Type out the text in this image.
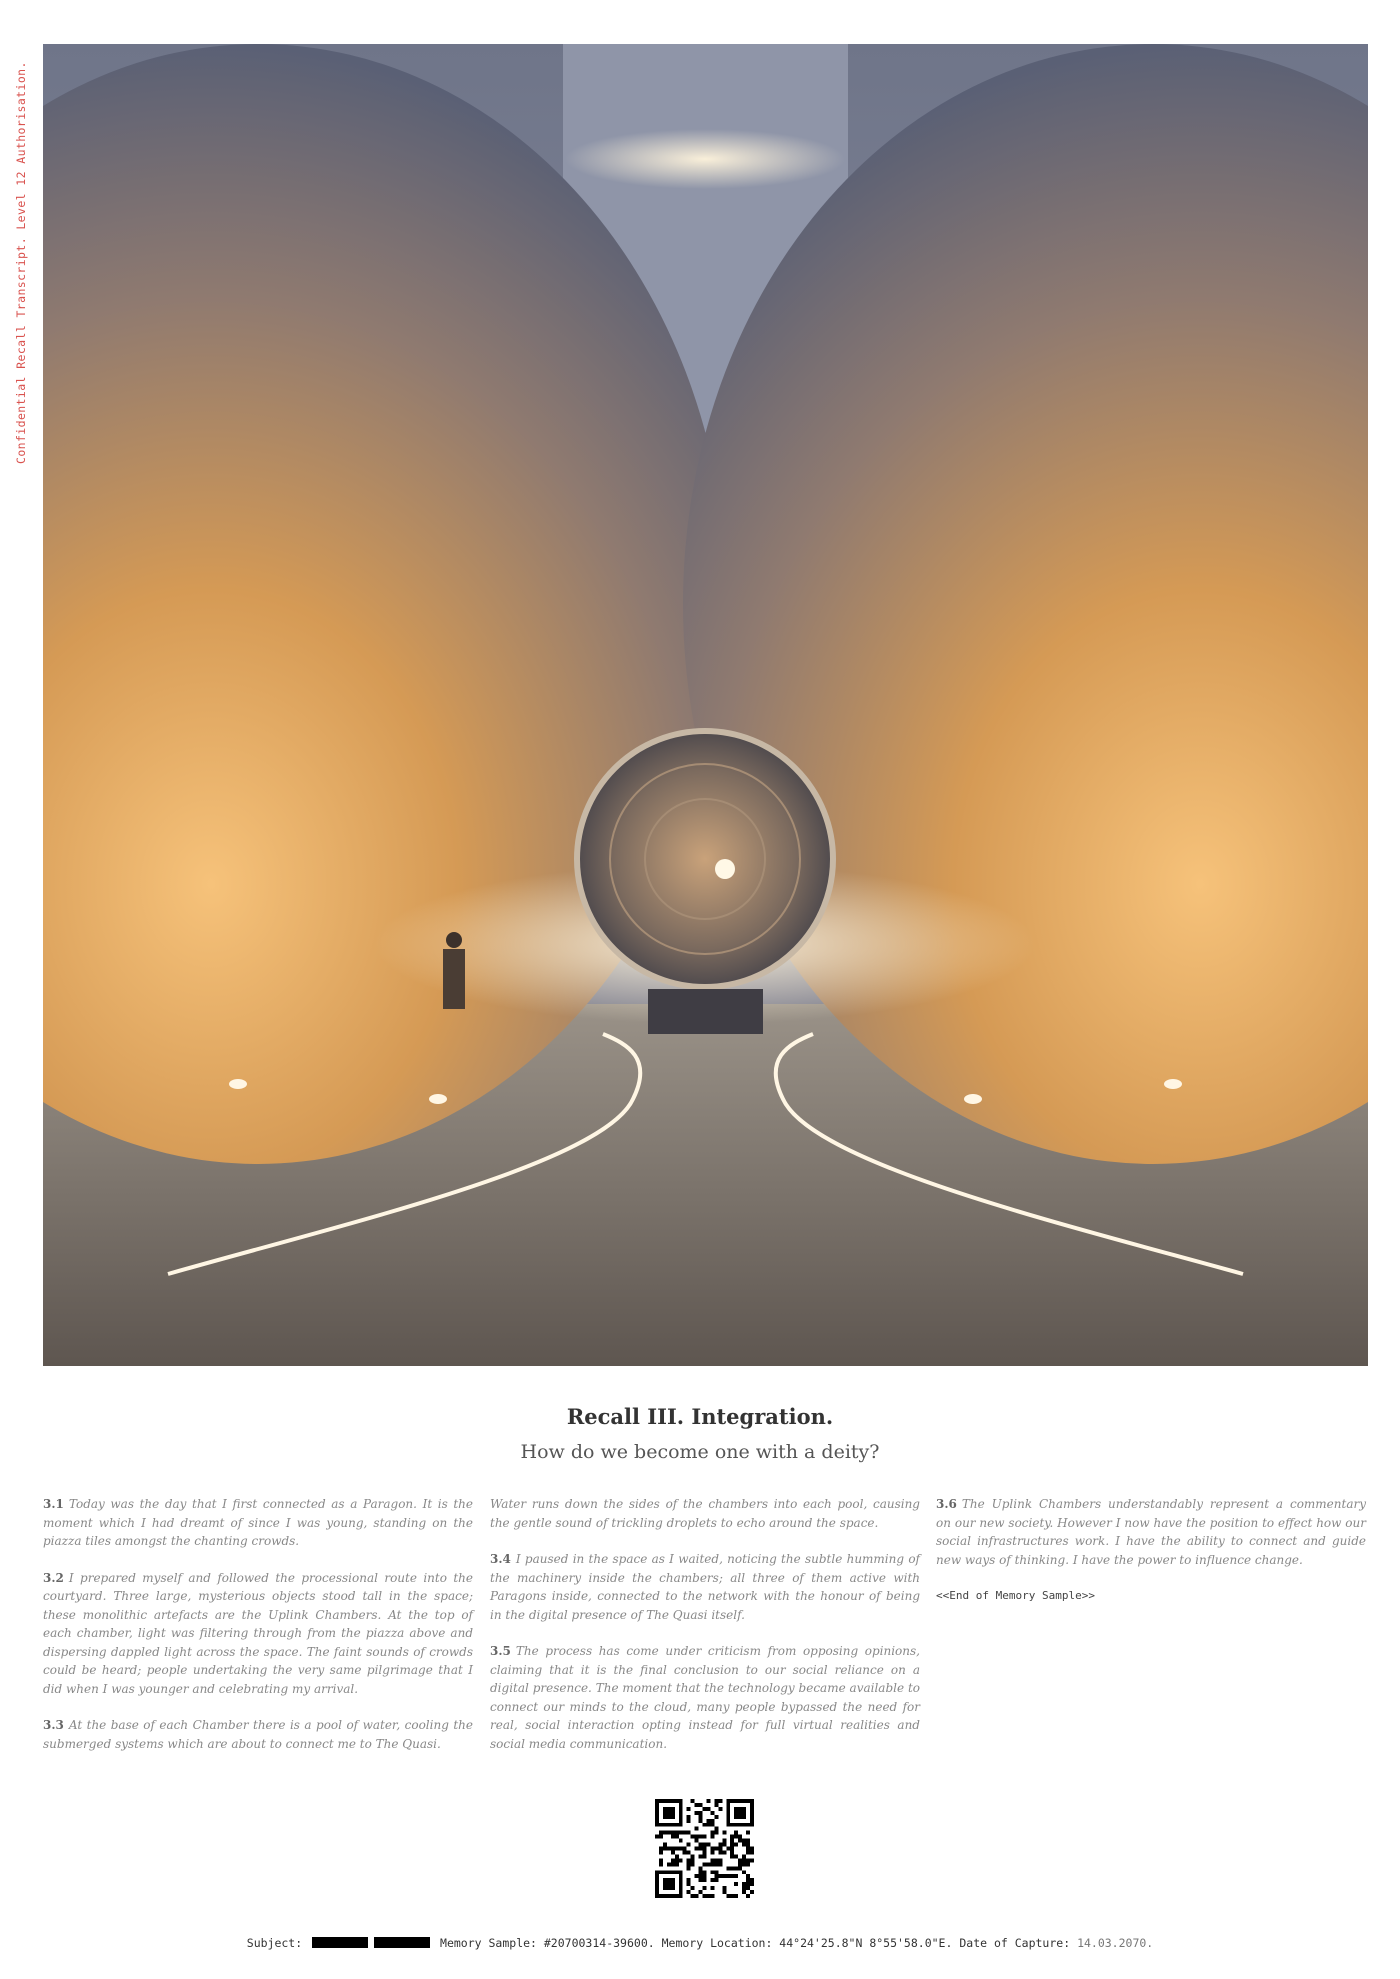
Confidential Recall Transcript. Level 12 Authorisation.
Recall III. Integration.
How do we become one with a deity?

3.1 Today was the day that I first connected as a Paragon. It is the moment which I had dreamt of since I was young, standing on the piazza tiles amongst the chanting crowds.

3.2 I prepared myself and followed the processional route into the courtyard. Three large, mysterious objects stood tall in the space; these monolithic artefacts are the Uplink Chambers. At the top of each chamber, light was filtering through from the piazza above and dispersing dappled light across the space. The faint sounds of crowds could be heard; people undertaking the very same pilgrimage that I did when I was younger and celebrating my arrival.

3.3 At the base of each Chamber there is a pool of water, cooling the submerged systems which are about to connect me to The Quasi.

Water runs down the sides of the chambers into each pool, causing the gentle sound of trickling droplets to echo around the space.

3.4 I paused in the space as I waited, noticing the subtle humming of the machinery inside the chambers; all three of them active with Paragons inside, connected to the network with the honour of being in the digital presence of The Quasi itself.

3.5 The process has come under criticism from opposing opinions, claiming that it is the final conclusion to our social reliance on a digital presence. The moment that the technology became available to connect our minds to the cloud, many people bypassed the need for real, social interaction opting instead for full virtual realities and social media communication.

3.6 The Uplink Chambers understandably represent a commentary on our new society. However I now have the position to effect how our social infrastructures work. I have the ability to connect and guide new ways of thinking. I have the power to influence change.

<<End of Memory Sample>>
Subject:	Memory Sample: #20700314-39600. Memory Location: 44°24'25.8"N 8°55'58.0"E. Date of Capture: 14.03.2070.
